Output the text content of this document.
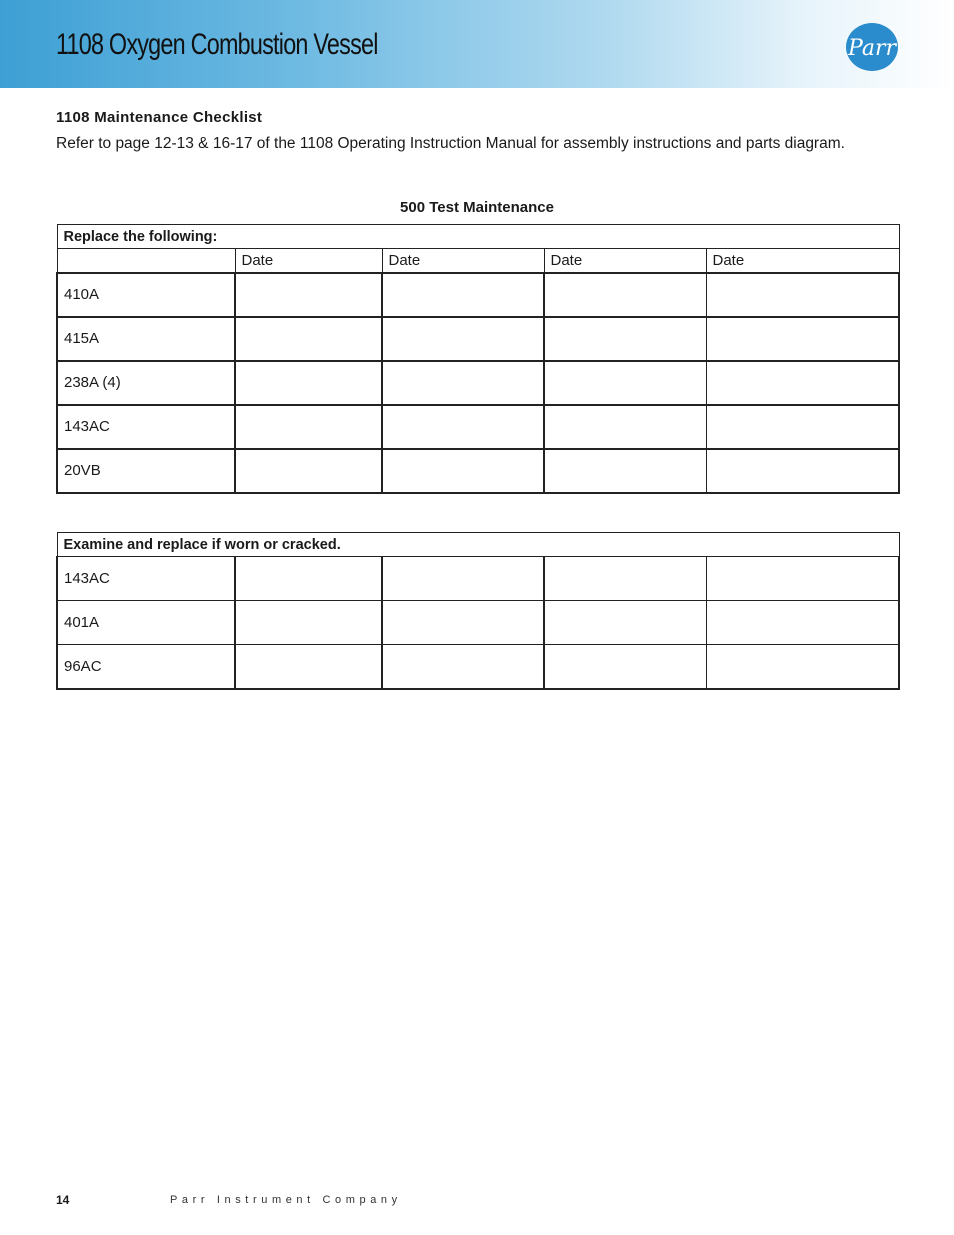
1108 Oxygen Combustion Vessel	Parr
1108 Maintenance Checklist
Refer to page 12-13 & 16-17 of the 1108 Operating Instruction Manual for assembly instructions and parts diagram.
500 Test Maintenance
Replace the following:				
	Date	Date	Date	Date
410A				
415A				
238A (4)				
143AC				
20VB				
Examine and replace if worn or cracked.				
143AC				
401A				
96AC				
14	Parr Instrument Company
